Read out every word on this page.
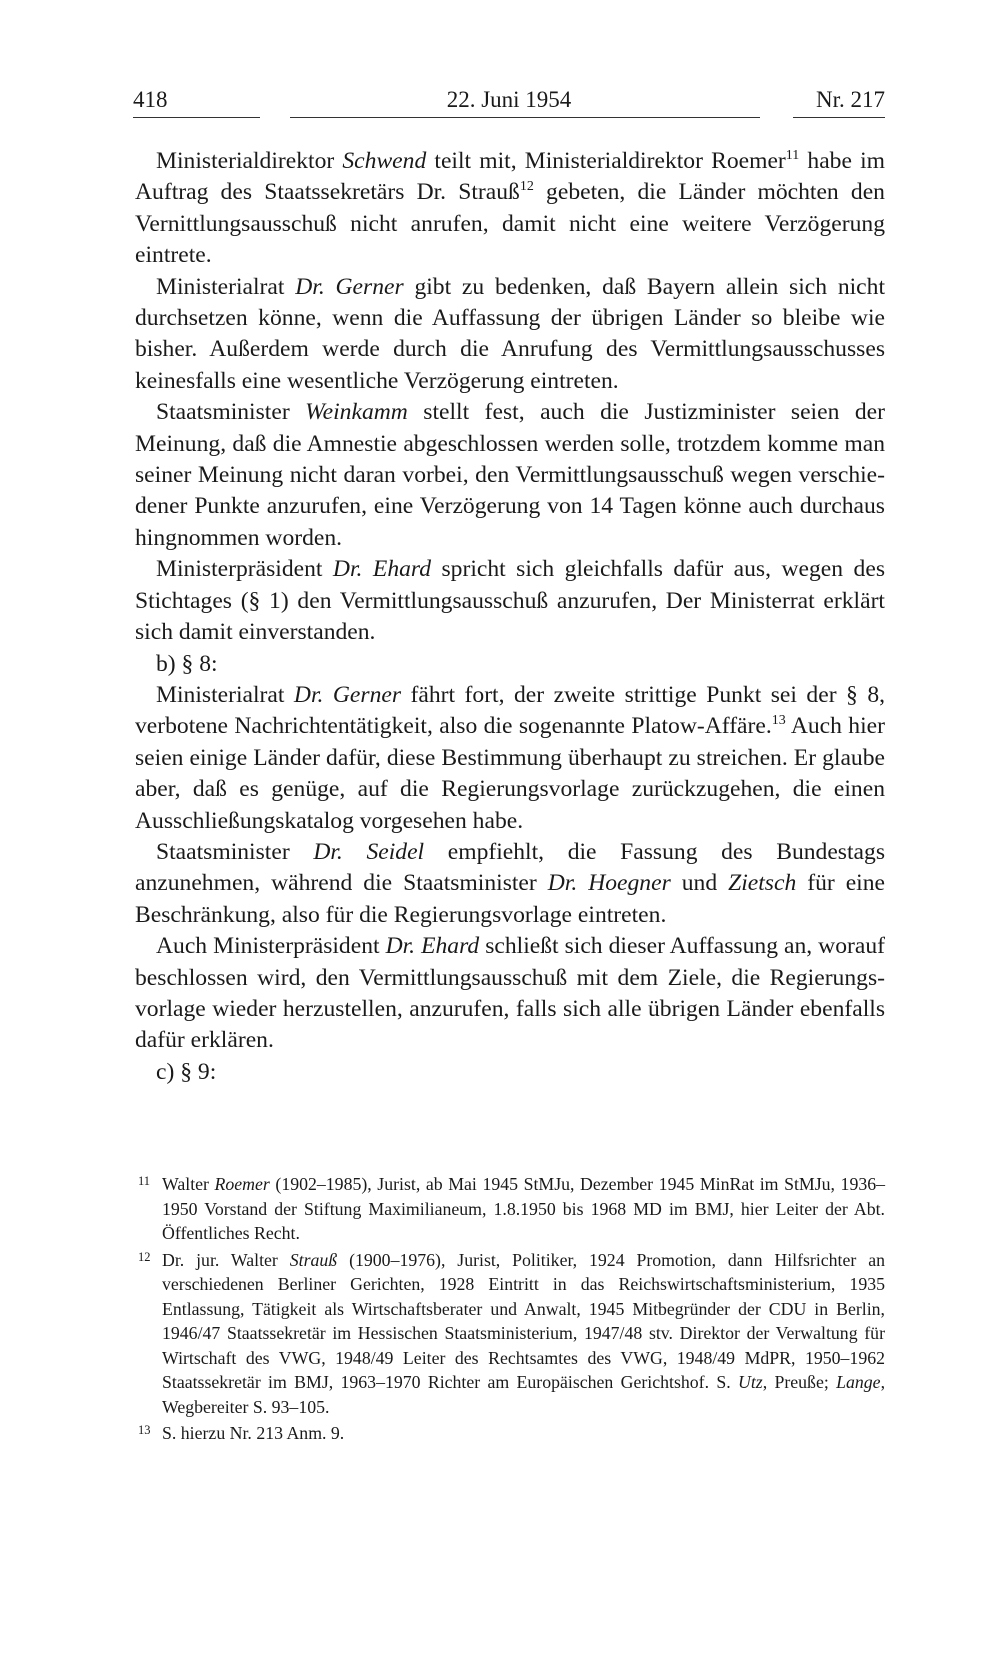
418	22. Juni 1954	Nr. 217

Ministerialdirektor Schwend teilt mit, Ministerialdirektor Roemer$^{11}$ habe im Auftrag des Staatssekretärs Dr. Strauß$^{12}$ gebeten, die Länder möchten den Vernittlungsausschuß nicht anrufen, damit nicht eine weitere Verzögerung eintrete.

Ministerialrat Dr. Gerner gibt zu bedenken, daß Bayern allein sich nicht durchsetzen könne, wenn die Auffassung der übrigen Länder so bleibe wie bisher. Außerdem werde durch die Anrufung des Vermittlungsausschusses keinesfalls eine wesentliche Verzögerung eintreten.

Staatsminister Weinkamm stellt fest, auch die Justizminister seien der Meinung, daß die Amnestie abgeschlossen werden solle, trotzdem komme man seiner Meinung nicht daran vorbei, den Vermittlungsausschuß wegen verschiedener Punkte anzurufen, eine Verzögerung von 14 Tagen könne auch durchaus hingnommen worden.

Ministerpräsident Dr. Ehard spricht sich gleichfalls dafür aus, wegen des Stichtages (§ 1) den Vermittlungsausschuß anzurufen, Der Ministerrat erklärt sich damit einverstanden.

b) § 8:

Ministerialrat Dr. Gerner fährt fort, der zweite strittige Punkt sei der § 8, verbotene Nachrichtentätigkeit, also die sogenannte Platow-Affäre.$^{13}$ Auch hier seien einige Länder dafür, diese Bestimmung überhaupt zu streichen. Er glaube aber, daß es genüge, auf die Regierungsvorlage zurückzugehen, die einen Ausschließungskatalog vorgesehen habe.

Staatsminister Dr. Seidel empfiehlt, die Fassung des Bundestags anzunehmen, während die Staatsminister Dr. Hoegner und Zietsch für eine Beschränkung, also für die Regierungsvorlage eintreten.

Auch Ministerpräsident Dr. Ehard schließt sich dieser Auffassung an, worauf beschlossen wird, den Vermittlungsausschuß mit dem Ziele, die Regierungsvorlage wieder herzustellen, anzurufen, falls sich alle übrigen Länder ebenfalls dafür erklären.

c) § 9:

11 Walter Roemer (1902–1985), Jurist, ab Mai 1945 StMJu, Dezember 1945 MinRat im StMJu, 1936–1950 Vorstand der Stiftung Maximilianeum, 1.8.1950 bis 1968 MD im BMJ, hier Leiter der Abt. Öffentliches Recht.
12 Dr. jur. Walter Strauß (1900–1976), Jurist, Politiker, 1924 Promotion, dann Hilfsrichter an verschiedenen Berliner Gerichten, 1928 Eintritt in das Reichswirtschaftsministerium, 1935 Entlassung, Tätigkeit als Wirtschaftsberater und Anwalt, 1945 Mitbegründer der CDU in Berlin, 1946/47 Staatssekretär im Hessischen Staatsministerium, 1947/48 stv. Direktor der Verwaltung für Wirtschaft des VWG, 1948/49 Leiter des Rechtsamtes des VWG, 1948/49 MdPR, 1950–1962 Staatssekretär im BMJ, 1963–1970 Richter am Europäischen Gerichtshof. S. Utz, Preuße; Lange, Wegbereiter S. 93–105.
13 S. hierzu Nr. 213 Anm. 9.
